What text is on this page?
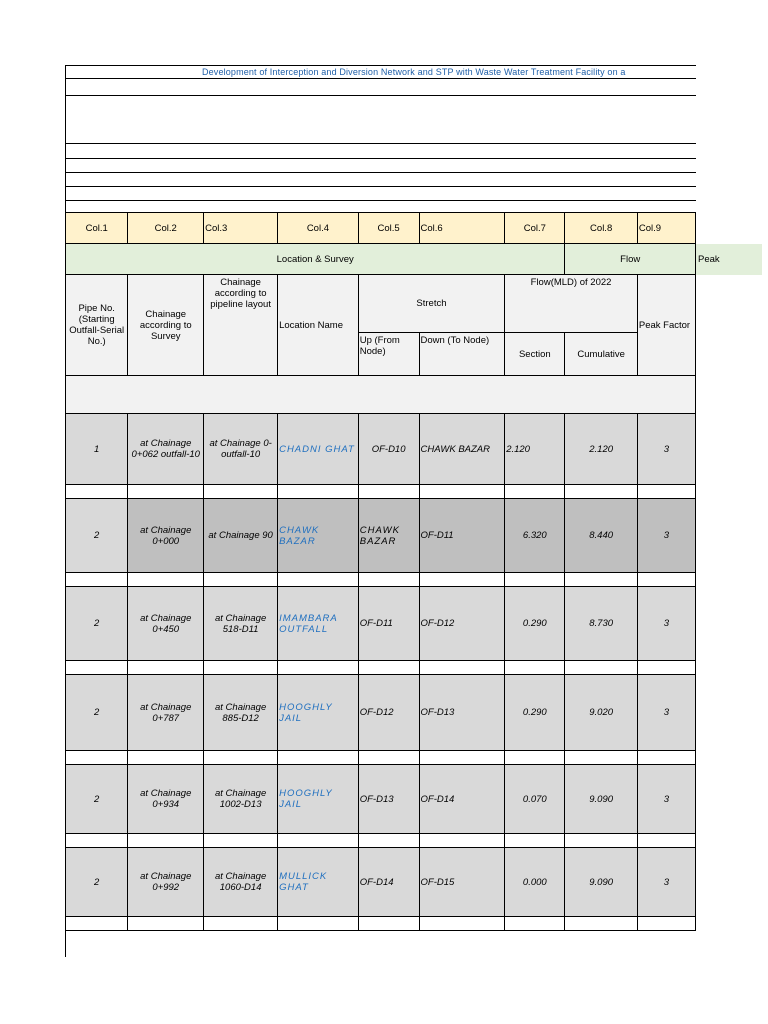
Development of Interception and Diversion Network and STP with Waste Water Treatment Facility on a
Col.1	Col.2	Col.3	Col.4	Col.5	Col.6	Col.7	Col.8	Col.9
Location & Survey							Flow
Pipe No. (Starting Outfall-Serial No.)	Chainage according to Survey	Chainage according to pipeline layout	Location Name	Stretch		Flow(MLD) of 2022		Peak Factor
				Up (From Node)	Down (To Node)	Section	Cumulative	

1	at Chainage 0+062 outfall-10	at Chainage 0-outfall-10	CHADNI GHAT	OF-D10	CHAWK BAZAR	2.120	2.120	3

2	at Chainage 0+000	at Chainage 90	CHAWK BAZAR	CHAWK BAZAR	OF-D11	6.320	8.440	3

2	at Chainage 0+450	at Chainage 518-D11	IMAMBARA OUTFALL	OF-D11	OF-D12	0.290	8.730	3

2	at Chainage 0+787	at Chainage 885-D12	HOOGHLY JAIL	OF-D12	OF-D13	0.290	9.020	3

2	at Chainage 0+934	at Chainage 1002-D13	HOOGHLY JAIL	OF-D13	OF-D14	0.070	9.090	3

2	at Chainage 0+992	at Chainage 1060-D14	MULLICK GHAT	OF-D14	OF-D15	0.000	9.090	3

Peak
